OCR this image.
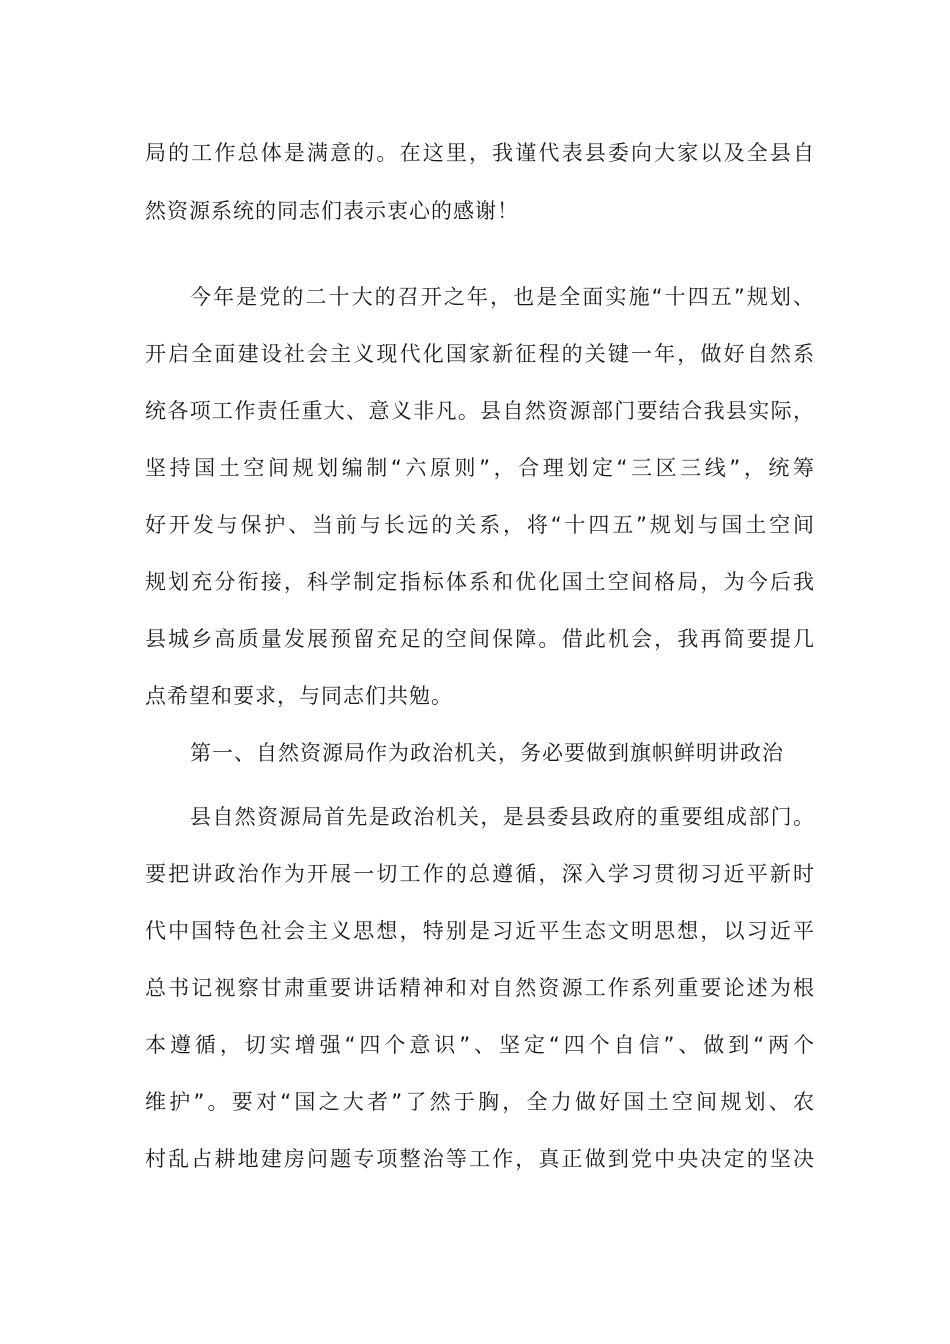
局的工作总体是满意的。在这里，我谨代表县委向大家以及全县自
然资源系统的同志们表示衷心的感谢！
今年是党的二十大的召开之年，也是全面实施“十四五”规划、
开启全面建设社会主义现代化国家新征程的关键一年，做好自然系
统各项工作责任重大、意义非凡。县自然资源部门要结合我县实际，
坚持国土空间规划编制“六原则”，合理划定“三区三线”，统筹
好开发与保护、当前与长远的关系，将“十四五”规划与国土空间
规划充分衔接，科学制定指标体系和优化国土空间格局，为今后我
县城乡高质量发展预留充足的空间保障。借此机会，我再简要提几
点希望和要求，与同志们共勉。
第一、自然资源局作为政治机关，务必要做到旗帜鲜明讲政治
县自然资源局首先是政治机关，是县委县政府的重要组成部门。
要把讲政治作为开展一切工作的总遵循，深入学习贯彻习近平新时
代中国特色社会主义思想，特别是习近平生态文明思想，以习近平
总书记视察甘肃重要讲话精神和对自然资源工作系列重要论述为根
本遵循，切实增强“四个意识”、坚定“四个自信”、做到“两个
维护”。要对“国之大者”了然于胸，全力做好国土空间规划、农
村乱占耕地建房问题专项整治等工作，真正做到党中央决定的坚决
